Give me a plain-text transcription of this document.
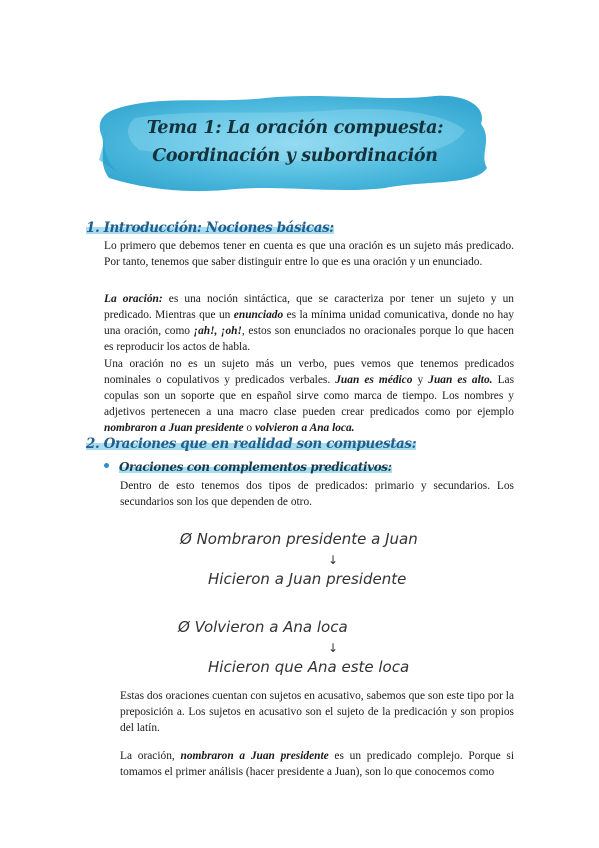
Tema 1: La oración compuesta:
Coordinación y subordinación
1. Introducción: Nociones básicas:

Lo primero que debemos tener en cuenta es que una oración es un sujeto más predicado. Por tanto, tenemos que saber distinguir entre lo que es una oración y un enunciado.

La oración: es una noción sintáctica, que se caracteriza por tener un sujeto y un predicado. Mientras que un enunciado es la mínima unidad comunicativa, donde no hay una oración, como ¡ah!, ¡oh!, estos son enunciados no oracionales porque lo que hacen es reproducir los actos de habla.

Una oración no es un sujeto más un verbo, pues vemos que tenemos predicados nominales o copulativos y predicados verbales. Juan es médico y Juan es alto. Las copulas son un soporte que en español sirve como marca de tiempo. Los nombres y adjetivos pertenecen a una macro clase pueden crear predicados como por ejemplo nombraron a Juan presidente o volvieron a Ana loca.

2. Oraciones que en realidad son compuestas:
Oraciones con complementos predicativos:

Dentro de esto tenemos dos tipos de predicados: primario y secundarios. Los secundarios son los que dependen de otro.

Ø Nombraron presidente a Juan
↓
Hicieron a Juan presidente
Ø Volvieron a Ana loca
↓
Hicieron que Ana este loca

Estas dos oraciones cuentan con sujetos en acusativo, sabemos que son este tipo por la preposición a. Los sujetos en acusativo son el sujeto de la predicación y son propios del latín.

La oración, nombraron a Juan presidente es un predicado complejo. Porque si tomamos el primer análisis (hacer presidente a Juan), son lo que conocemos como
